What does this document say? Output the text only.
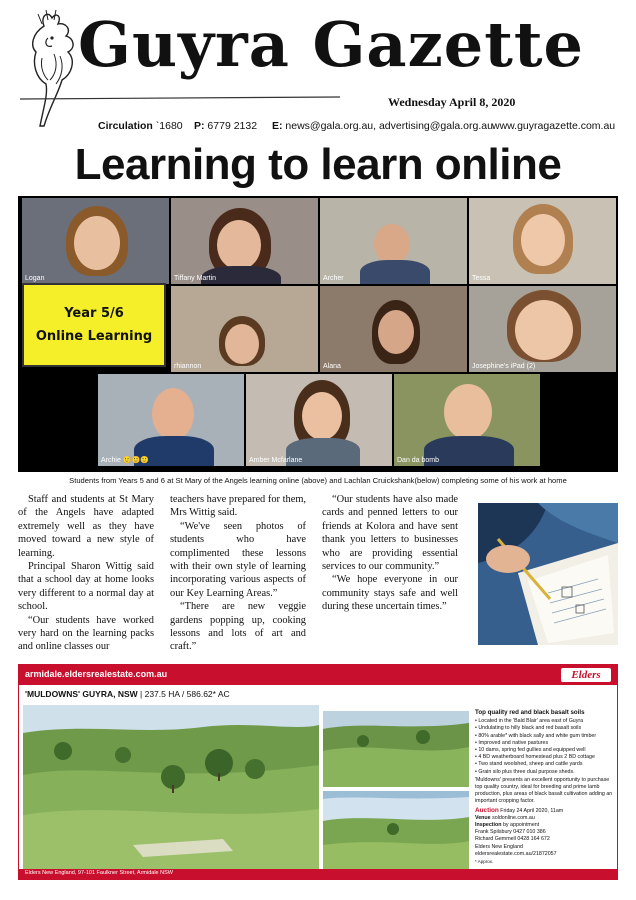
Guyra Gazette
Wednesday April 8, 2020
Circulation `1680 P: 6779 2132 E: news@gala.org.au, advertising@gala.org.au www.guyragazette.com.au
Learning to learn online
Logan	Tiffany Martin	Archer	Tessa
rhiannon	Alana	Josephine's iPad (2)
Archie 🙂🙂🙂	Amber Mcfarlane	Dan da bomb
Year 5/6
Online Learning
Students from Years 5 and 6 at St Mary of the Angels learning online (above) and Lachlan Cruickshank(below) completing some of his work at home

Staff and students at St Mary of the Angels have adapted extremely well as they have moved toward a new style of learning.

Principal Sharon Wittig said that a school day at home looks very different to a normal day at school.

“Our students have worked very hard on the learning packs and online classes our

teachers have prepared for them, Mrs Wittig said.

“We've seen photos of students who have complimented these lessons with their own style of learning incorporating various aspects of our Key Learning Areas.”

“There are new veggie gardens popping up, cooking lessons and lots of art and craft.”

“Our students have also made cards and penned letters to our friends at Kolora and have sent thank you letters to businesses who are providing essential services to our community.”

“We hope everyone in our community stays safe and well during these uncertain times.”

armidale.eldersrealestate.com.au	Elders
'MULDOWNS' GUYRA, NSW | 237.5 HA / 586.62* AC
Top quality red and black basalt soils
• Located in the 'Bald Blair' area east of Guyra
• Undulating to hilly black and red basalt soils
• 80% arable* with black sally and white gum timber
• Improved and native pastures
• 10 dams, spring fed gullies and equipped well
• 4 BD weatherboard homestead plus 2 BD cottage
• Two stand woolshed, sheep and cattle yards
• Grain silo plus three dual purpose sheds.
'Muldowns' presents an excellent opportunity to purchase top quality country, ideal for breeding and prime lamb production, plus areas of black basalt cultivation adding an important cropping factor.
Auction Friday 24 April 2020, 11am
Venue soldonline.com.au
Inspection by appointment
Frank Spilsbury 0427 010 386
Richard Gemmell 0428 164 672
Elders New England
eldersrealestate.com.au/21872057
* Approx.
Elders New England, 97-101 Faulkner Street, Armidale NSW
